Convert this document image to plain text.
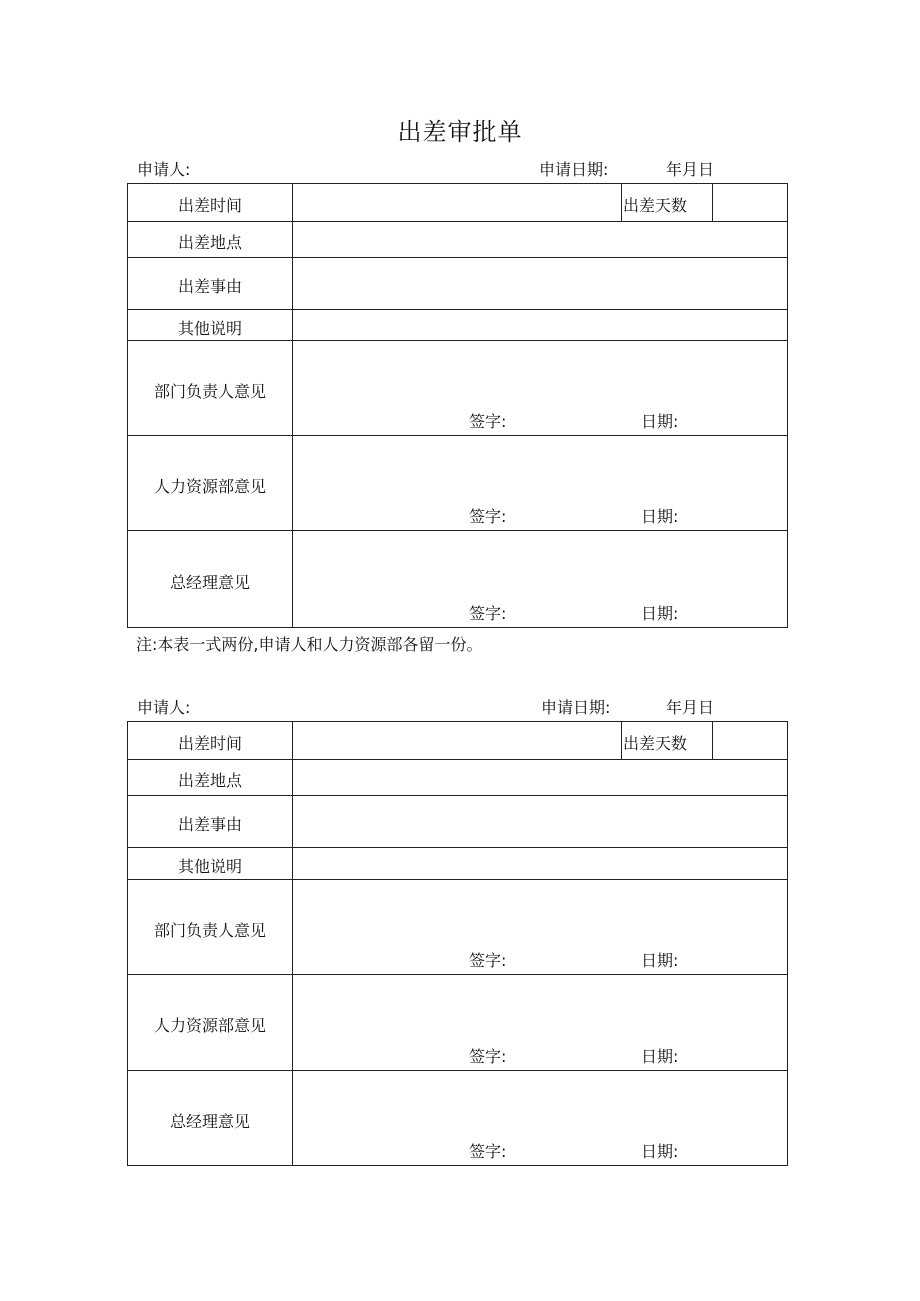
出差审批单
申请人:	申请日期:	年月日
出差时间		出差天数	
出差地点			
出差事由			
其他说明			
部门负责人意见	签字: 日期:		

人力资源部意见	签字: 日期:		

总经理意见	签字: 日期:		
注:本表一式两份,申请人和人力资源部各留一份。
申请人:	申请日期:	年月日
出差时间		出差天数	
出差地点			
出差事由			
其他说明			
部门负责人意见	签字: 日期:		

人力资源部意见	签字: 日期:		

总经理意见	签字: 日期:		
